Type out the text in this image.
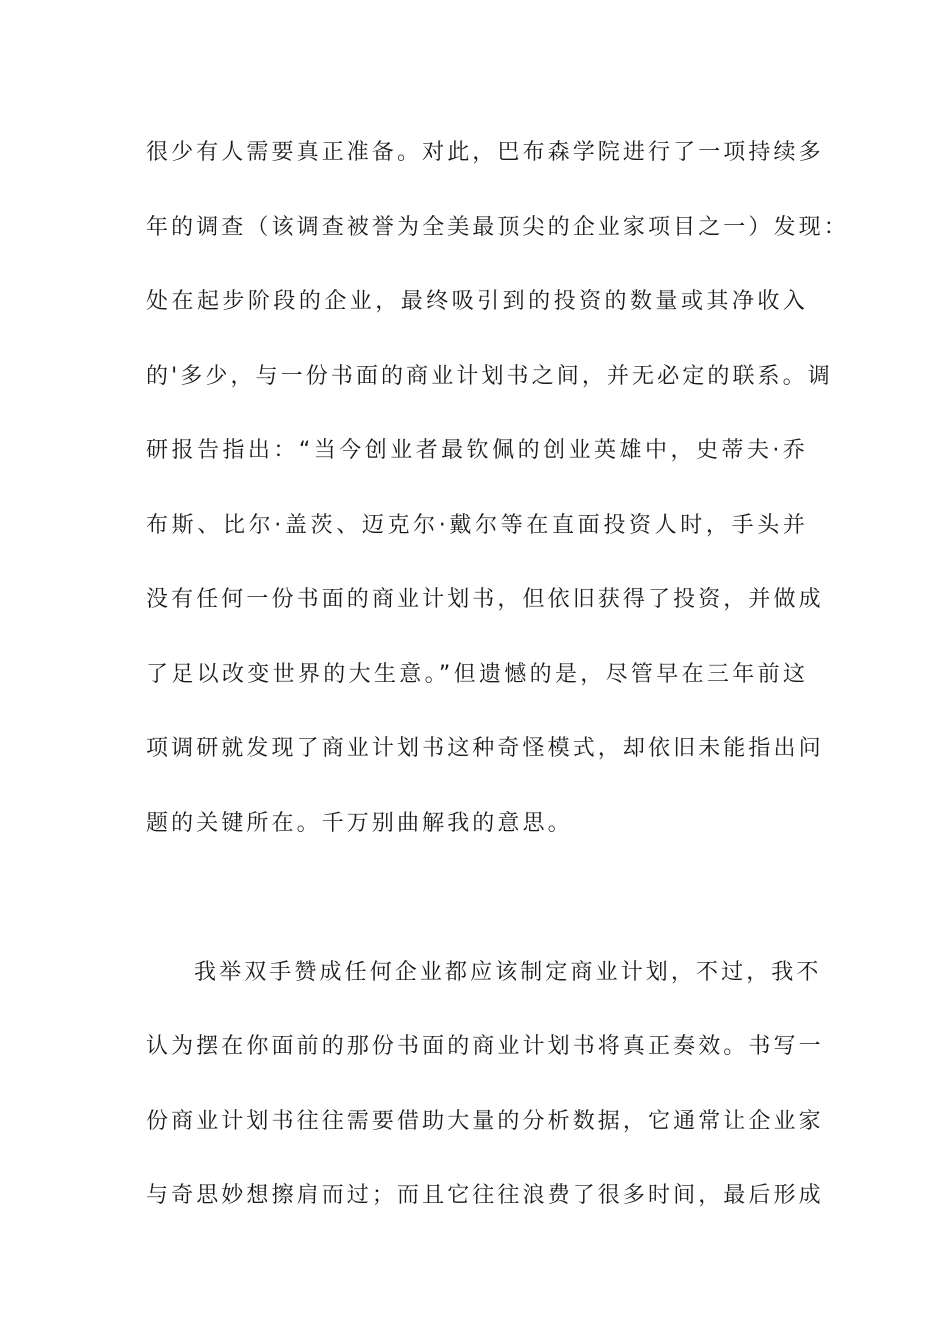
很少有人需要真正准备。对此，巴布森学院进行了一项持续多
年的调查（该调查被誉为全美最顶尖的企业家项目之一）发现：
处在起步阶段的企业，最终吸引到的投资的数量或其净收入
的'多少，与一份书面的商业计划书之间，并无必定的联系。调
研报告指出：“当今创业者最钦佩的创业英雄中，史蒂夫·乔
布斯、比尔·盖茨、迈克尔·戴尔等在直面投资人时，手头并
没有任何一份书面的商业计划书，但依旧获得了投资，并做成
了足以改变世界的大生意。”但遗憾的是，尽管早在三年前这
项调研就发现了商业计划书这种奇怪模式，却依旧未能指出问
题的关键所在。千万别曲解我的意思。
我举双手赞成任何企业都应该制定商业计划，不过，我不
认为摆在你面前的那份书面的商业计划书将真正奏效。书写一
份商业计划书往往需要借助大量的分析数据，它通常让企业家
与奇思妙想擦肩而过；而且它往往浪费了很多时间，最后形成
